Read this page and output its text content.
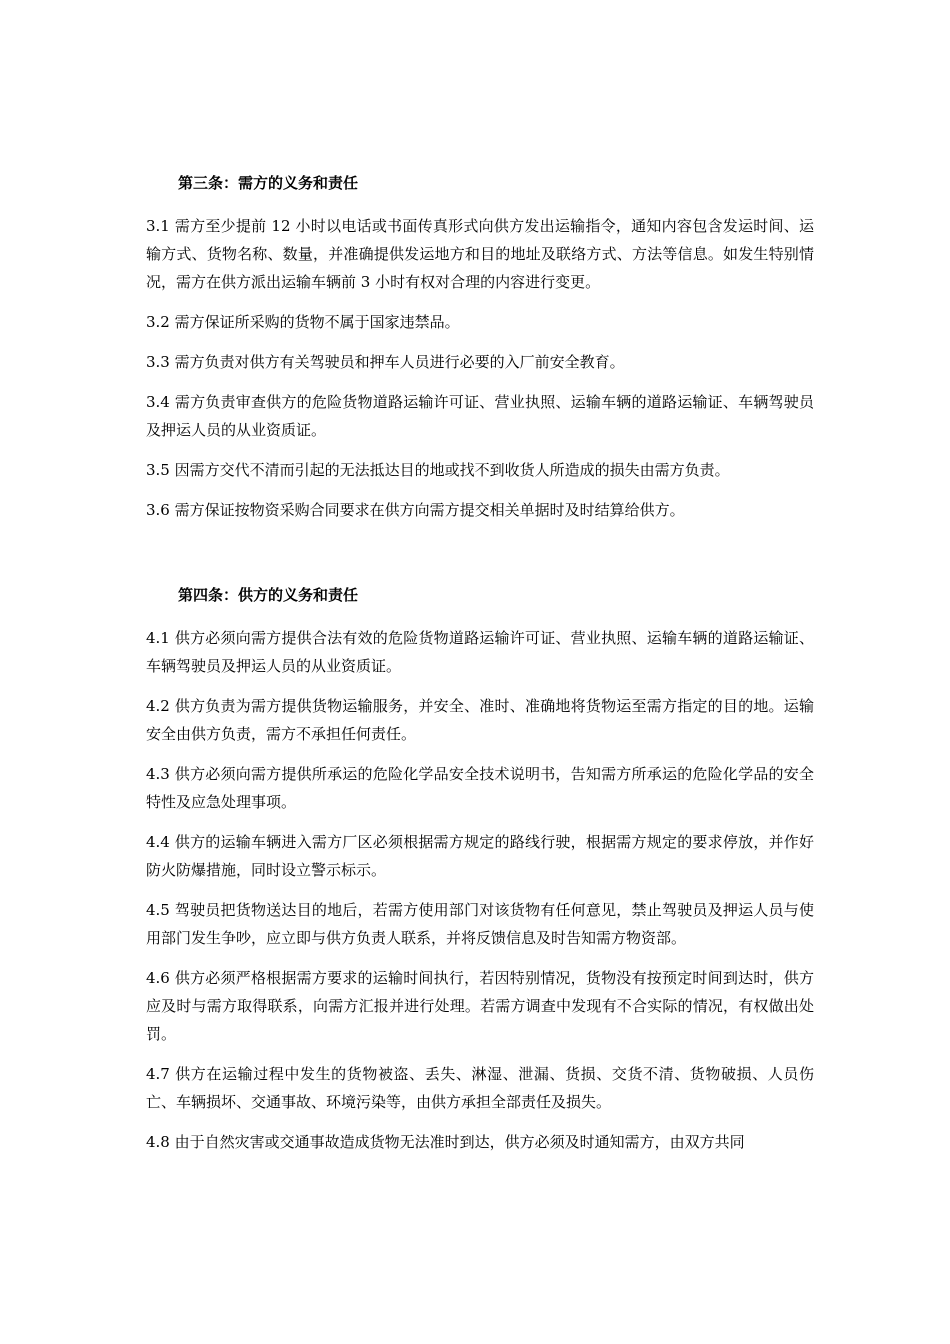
第三条：需方的义务和责任

3.1 需方至少提前 12 小时以电话或书面传真形式向供方发出运输指令，通知内容包含发运时间、运输方式、货物名称、数量，并准确提供发运地方和目的地址及联络方式、方法等信息。如发生特别情况，需方在供方派出运输车辆前 3 小时有权对合理的内容进行变更。

3.2 需方保证所采购的货物不属于国家违禁品。

3.3 需方负责对供方有关驾驶员和押车人员进行必要的入厂前安全教育。

3.4 需方负责审查供方的危险货物道路运输许可证、营业执照、运输车辆的道路运输证、车辆驾驶员及押运人员的从业资质证。

3.5 因需方交代不清而引起的无法抵达目的地或找不到收货人所造成的损失由需方负责。

3.6 需方保证按物资采购合同要求在供方向需方提交相关单据时及时结算给供方。

第四条：供方的义务和责任

4.1 供方必须向需方提供合法有效的危险货物道路运输许可证、营业执照、运输车辆的道路运输证、车辆驾驶员及押运人员的从业资质证。

4.2 供方负责为需方提供货物运输服务，并安全、准时、准确地将货物运至需方指定的目的地。运输安全由供方负责，需方不承担任何责任。

4.3 供方必须向需方提供所承运的危险化学品安全技术说明书，告知需方所承运的危险化学品的安全特性及应急处理事项。

4.4 供方的运输车辆进入需方厂区必须根据需方规定的路线行驶，根据需方规定的要求停放，并作好防火防爆措施，同时设立警示标示。

4.5 驾驶员把货物送达目的地后，若需方使用部门对该货物有任何意见，禁止驾驶员及押运人员与使用部门发生争吵，应立即与供方负责人联系，并将反馈信息及时告知需方物资部。

4.6 供方必须严格根据需方要求的运输时间执行，若因特别情况，货物没有按预定时间到达时，供方应及时与需方取得联系，向需方汇报并进行处理。若需方调查中发现有不合实际的情况，有权做出处罚。

4.7 供方在运输过程中发生的货物被盗、丢失、淋湿、泄漏、货损、交货不清、货物破损、人员伤亡、车辆损坏、交通事故、环境污染等，由供方承担全部责任及损失。

4.8 由于自然灾害或交通事故造成货物无法准时到达，供方必须及时通知需方，由双方共同
